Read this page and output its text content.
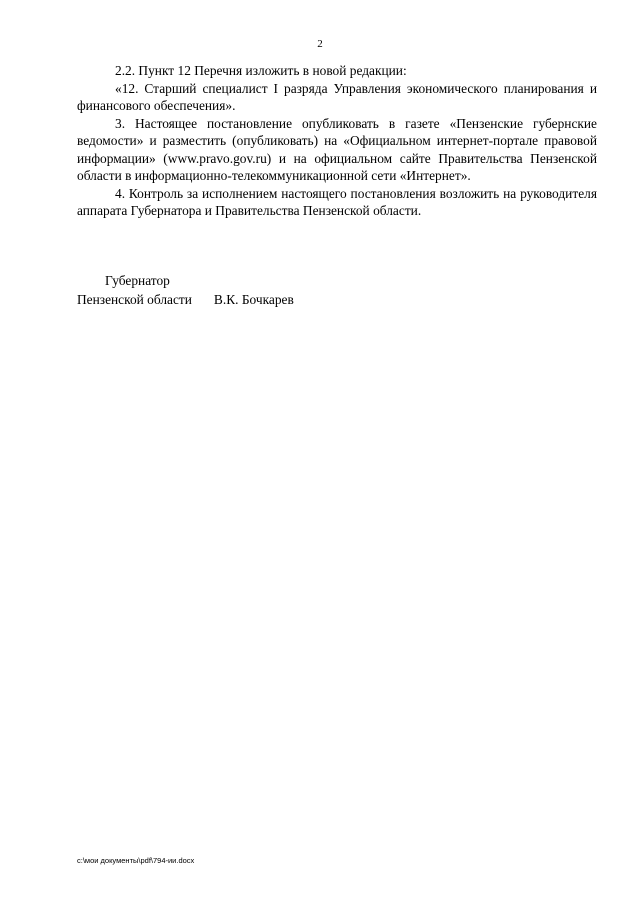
2

2.2. Пункт 12 Перечня изложить в новой редакции:

«12. Старший специалист I разряда Управления экономического планирования и финансового обеспечения».

3. Настоящее постановление опубликовать в газете «Пензенские губернские ведомости» и разместить (опубликовать) на «Официальном интернет-портале правовой информации» (www.pravo.gov.ru) и на официальном сайте Правительства Пензенской области в информационно-телекоммуникационной сети «Интернет».

4. Контроль за исполнением настоящего постановления возложить на руководителя аппарата Губернатора и Правительства Пензенской области.

Губернатор
Пензенской области В.К. Бочкарев
c:\мои документы\pdf\794-ии.docx
